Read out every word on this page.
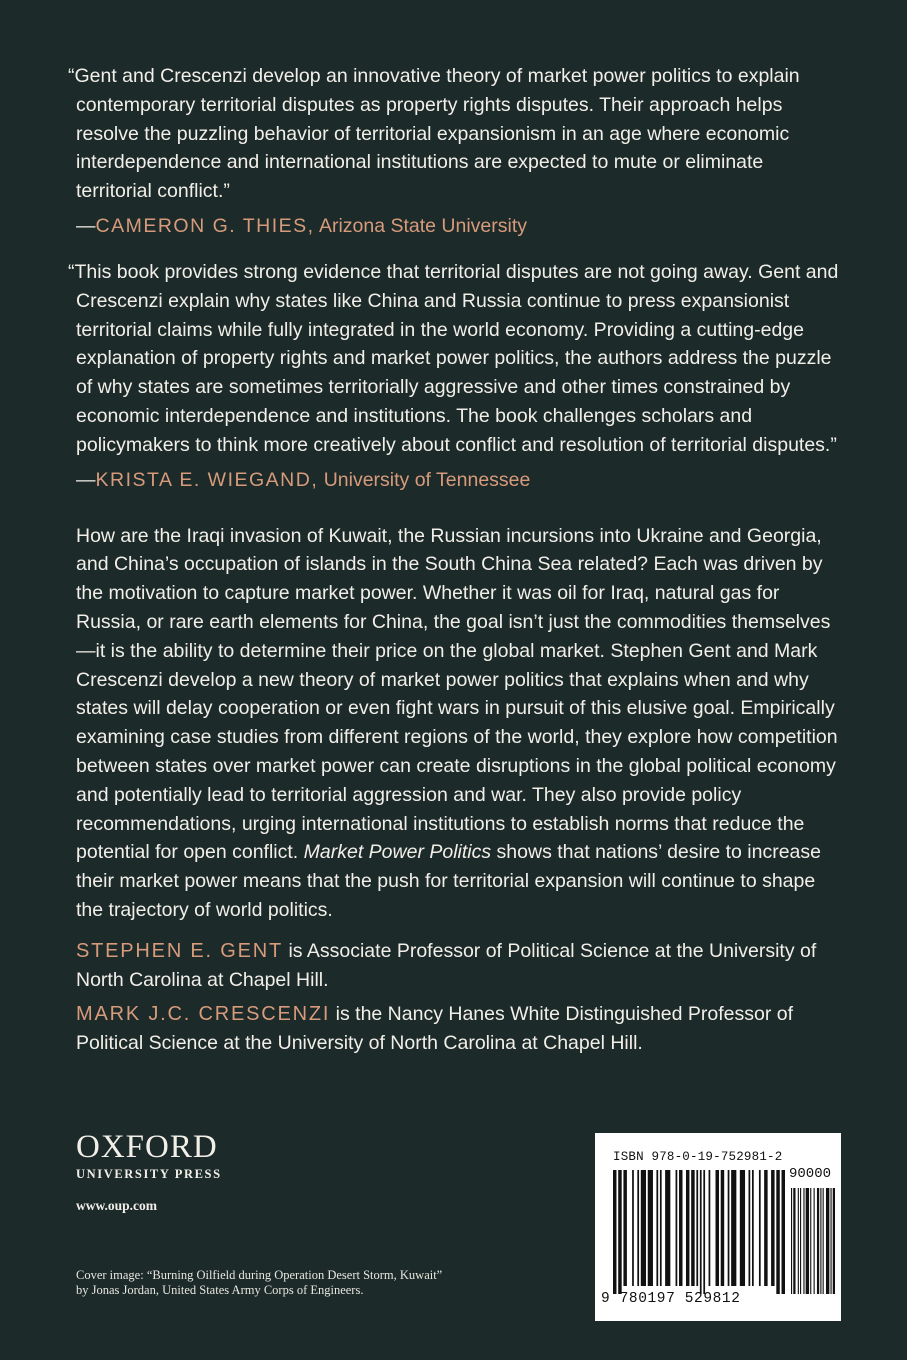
“Gent and Crescenzi develop an innovative theory of market power politics to explain contemporary territorial disputes as property rights disputes. Their approach helps resolve the puzzling behavior of territorial expansionism in an age where economic interdependence and international institutions are expected to mute or eliminate territorial conflict.”

—CAMERON G. THIES, Arizona State University

“This book provides strong evidence that territorial disputes are not going away. Gent and Crescenzi explain why states like China and Russia continue to press expansionist territorial claims while fully integrated in the world economy. Providing a cutting-edge explanation of property rights and market power politics, the authors address the puzzle of why states are sometimes territorially aggressive and other times constrained by economic interdependence and institutions. The book challenges scholars and policymakers to think more creatively about conflict and resolution of territorial disputes.”

—KRISTA E. WIEGAND, University of Tennessee

How are the Iraqi invasion of Kuwait, the Russian incursions into Ukraine and Georgia, and China’s occupation of islands in the South China Sea related? Each was driven by the motivation to capture market power. Whether it was oil for Iraq, natural gas for Russia, or rare earth elements for China, the goal isn’t just the commodities themselves—it is the ability to determine their price on the global market. Stephen Gent and Mark Crescenzi develop a new theory of market power politics that explains when and why states will delay cooperation or even fight wars in pursuit of this elusive goal. Empirically examining case studies from different regions of the world, they explore how competition between states over market power can create disruptions in the global political economy and potentially lead to territorial aggression and war. They also provide policy recommendations, urging international institutions to establish norms that reduce the potential for open conflict. Market Power Politics shows that nations’ desire to increase their market power means that the push for territorial expansion will continue to shape the trajectory of world politics.

STEPHEN E. GENT is Associate Professor of Political Science at the University of North Carolina at Chapel Hill.

MARK J.C. CRESCENZI is the Nancy Hanes White Distinguished Professor of Political Science at the University of North Carolina at Chapel Hill.

OXFORD
UNIVERSITY PRESS
www.oup.com
Cover image: “Burning Oilfield during Operation Desert Storm, Kuwait”
by Jonas Jordan, United States Army Corps of Engineers.
ISBN 978-0-19-752981-2
90000
9 780197 529812
